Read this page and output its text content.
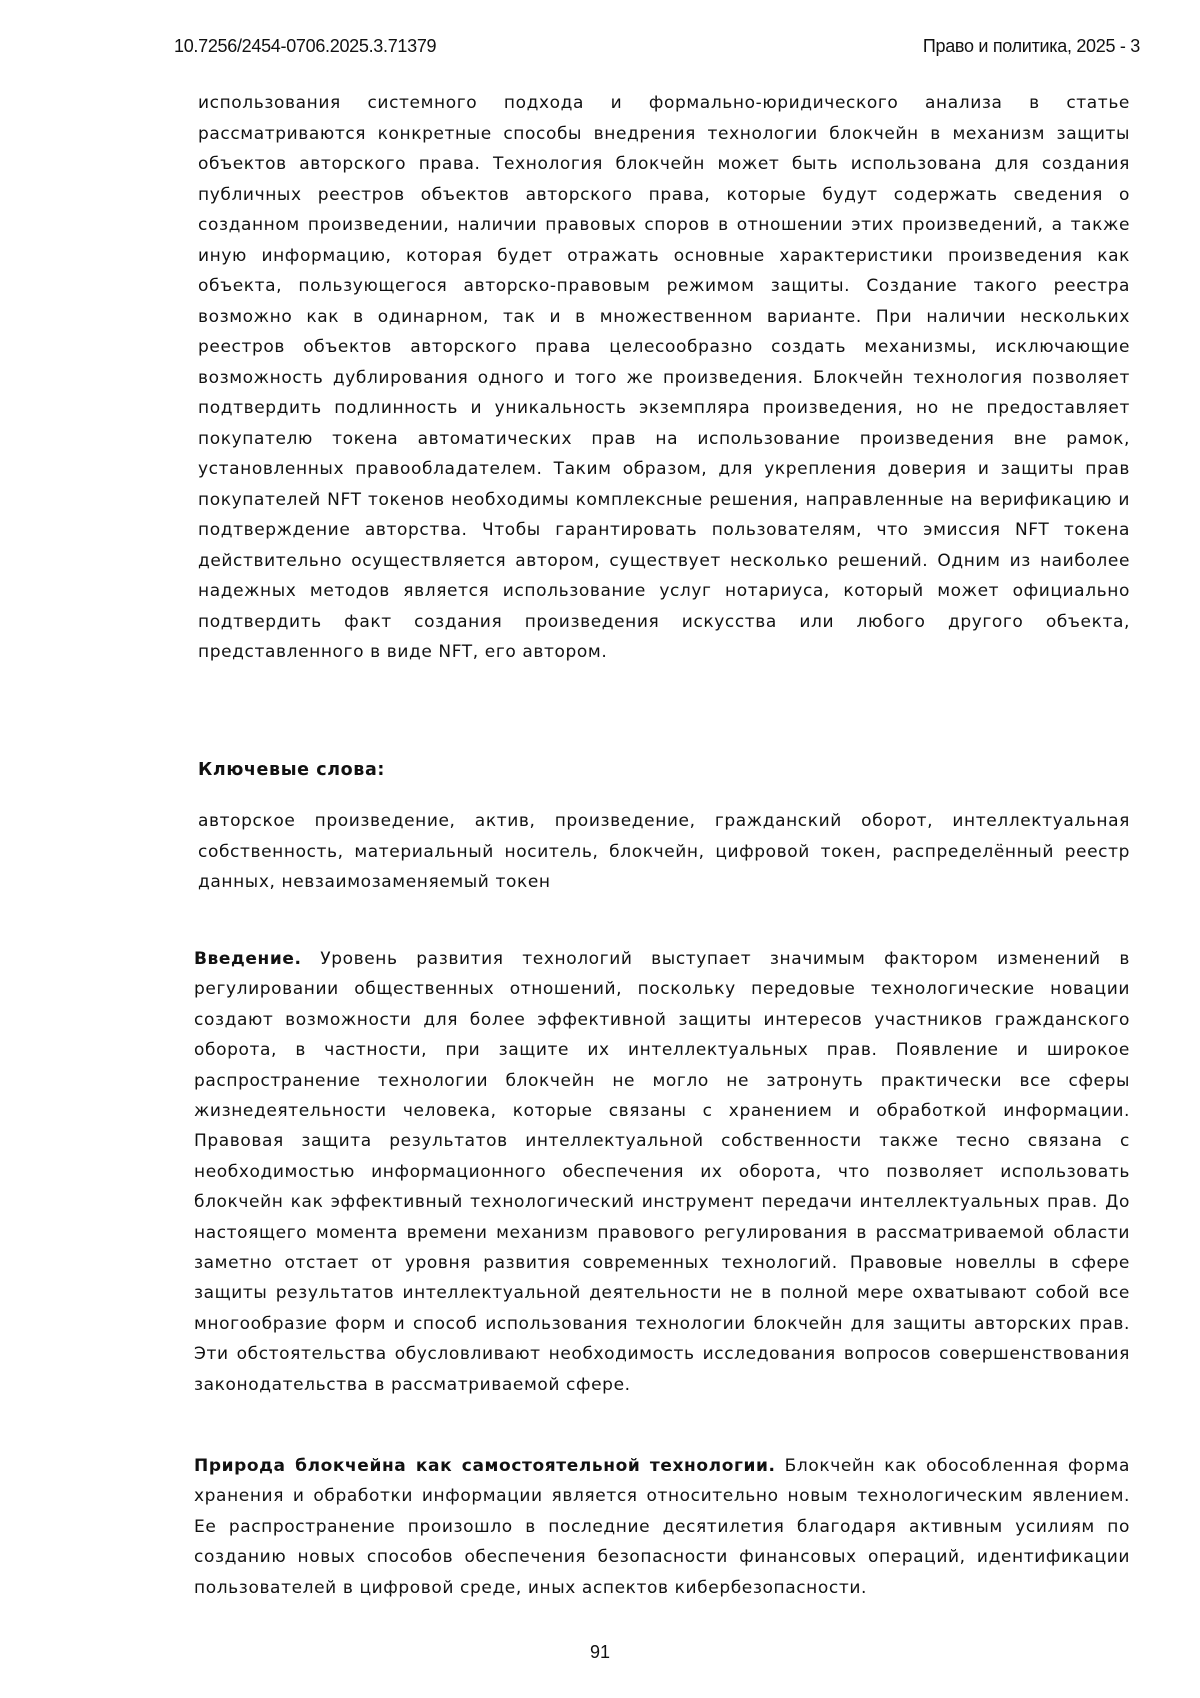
10.7256/2454-0706.2025.3.71379	Право и политика, 2025 - 3

использования системного подхода и формально-юридического анализа в статье рассматриваются конкретные способы внедрения технологии блокчейн в механизм защиты объектов авторского права. Технология блокчейн может быть использована для создания публичных реестров объектов авторского права, которые будут содержать сведения о созданном произведении, наличии правовых споров в отношении этих произведений, а также иную информацию, которая будет отражать основные характеристики произведения как объекта, пользующегося авторско-правовым режимом защиты. Создание такого реестра возможно как в одинарном, так и в множественном варианте. При наличии нескольких реестров объектов авторского права целесообразно создать механизмы, исключающие возможность дублирования одного и того же произведения. Блокчейн технология позволяет подтвердить подлинность и уникальность экземпляра произведения, но не предоставляет покупателю токена автоматических прав на использование произведения вне рамок, установленных правообладателем. Таким образом, для укрепления доверия и защиты прав покупателей NFT токенов необходимы комплексные решения, направленные на верификацию и подтверждение авторства. Чтобы гарантировать пользователям, что эмиссия NFT токена действительно осуществляется автором, существует несколько решений. Одним из наиболее надежных методов является использование услуг нотариуса, который может официально подтвердить факт создания произведения искусства или любого другого объекта, представленного в виде NFT, его автором.

Ключевые слова:

авторское произведение, актив, произведение, гражданский оборот, интеллектуальная собственность, материальный носитель, блокчейн, цифровой токен, распределённый реестр данных, невзаимозаменяемый токен

Введение. Уровень развития технологий выступает значимым фактором изменений в регулировании общественных отношений, поскольку передовые технологические новации создают возможности для более эффективной защиты интересов участников гражданского оборота, в частности, при защите их интеллектуальных прав. Появление и широкое распространение технологии блокчейн не могло не затронуть практически все сферы жизнедеятельности человека, которые связаны с хранением и обработкой информации. Правовая защита результатов интеллектуальной собственности также тесно связана с необходимостью информационного обеспечения их оборота, что позволяет использовать блокчейн как эффективный технологический инструмент передачи интеллектуальных прав. До настоящего момента времени механизм правового регулирования в рассматриваемой области заметно отстает от уровня развития современных технологий. Правовые новеллы в сфере защиты результатов интеллектуальной деятельности не в полной мере охватывают собой все многообразие форм и способ использования технологии блокчейн для защиты авторских прав. Эти обстоятельства обусловливают необходимость исследования вопросов совершенствования законодательства в рассматриваемой сфере.

Природа блокчейна как самостоятельной технологии. Блокчейн как обособленная форма хранения и обработки информации является относительно новым технологическим явлением. Ее распространение произошло в последние десятилетия благодаря активным усилиям по созданию новых способов обеспечения безопасности финансовых операций, идентификации пользователей в цифровой среде, иных аспектов кибербезопасности.

91
